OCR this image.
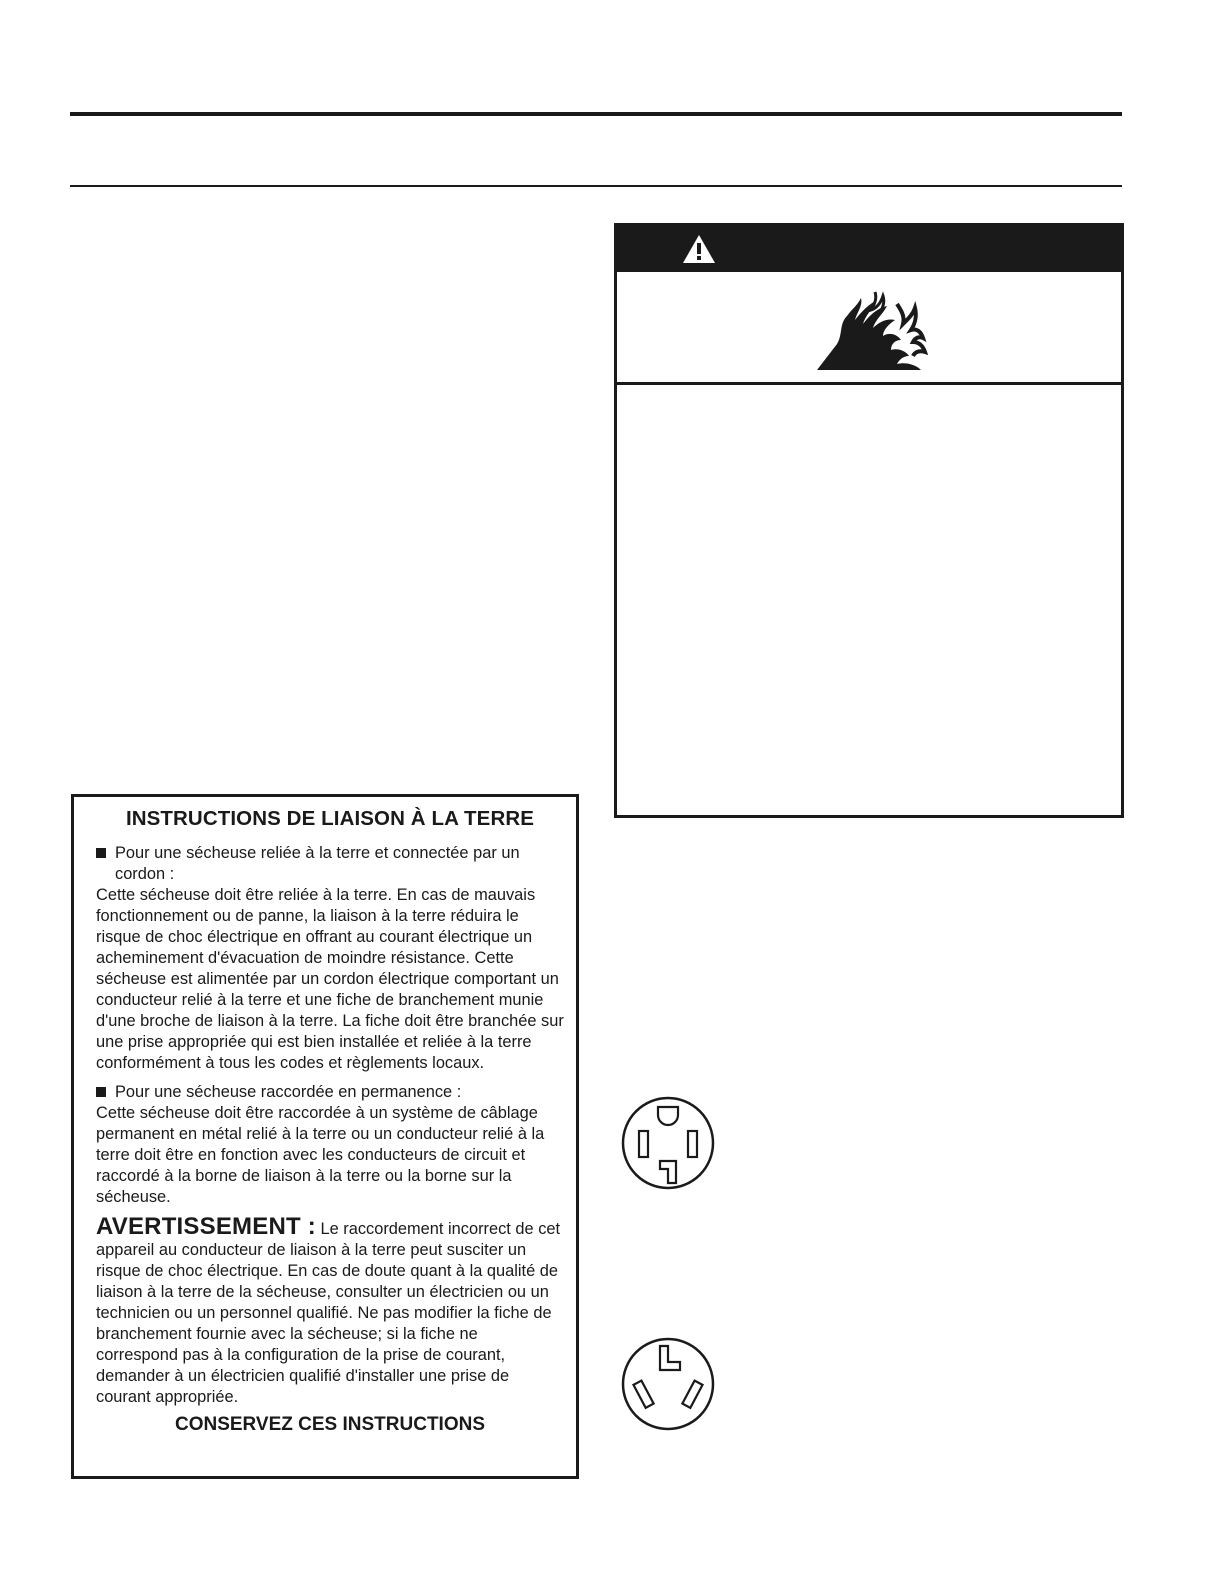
INSTRUCTIONS DE LIAISON À LA TERRE

Pour une sécheuse reliée à la terre et connectée par un

cordon :

Cette sécheuse doit être reliée à la terre. En cas de mauvais fonctionnement ou de panne, la liaison à la terre réduira le risque de choc électrique en offrant au courant électrique un acheminement d'évacuation de moindre résistance. Cette sécheuse est alimentée par un cordon électrique comportant un conducteur relié à la terre et une fiche de branchement munie d'une broche de liaison à la terre. La fiche doit être branchée sur une prise appropriée qui est bien installée et reliée à la terre conformément à tous les codes et règlements locaux.

Pour une sécheuse raccordée en permanence :

Cette sécheuse doit être raccordée à un système de câblage permanent en métal relié à la terre ou un conducteur relié à la terre doit être en fonction avec les conducteurs de circuit et raccordé à la borne de liaison à la terre ou la borne sur la sécheuse.

AVERTISSEMENT : Le raccordement incorrect de cet appareil au conducteur de liaison à la terre peut susciter un risque de choc électrique. En cas de doute quant à la qualité de liaison à la terre de la sécheuse, consulter un électricien ou un technicien ou un personnel qualifié. Ne pas modifier la fiche de branchement fournie avec la sécheuse; si la fiche ne correspond pas à la configuration de la prise de courant, demander à un électricien qualifié d'installer une prise de courant appropriée.

CONSERVEZ CES INSTRUCTIONS
